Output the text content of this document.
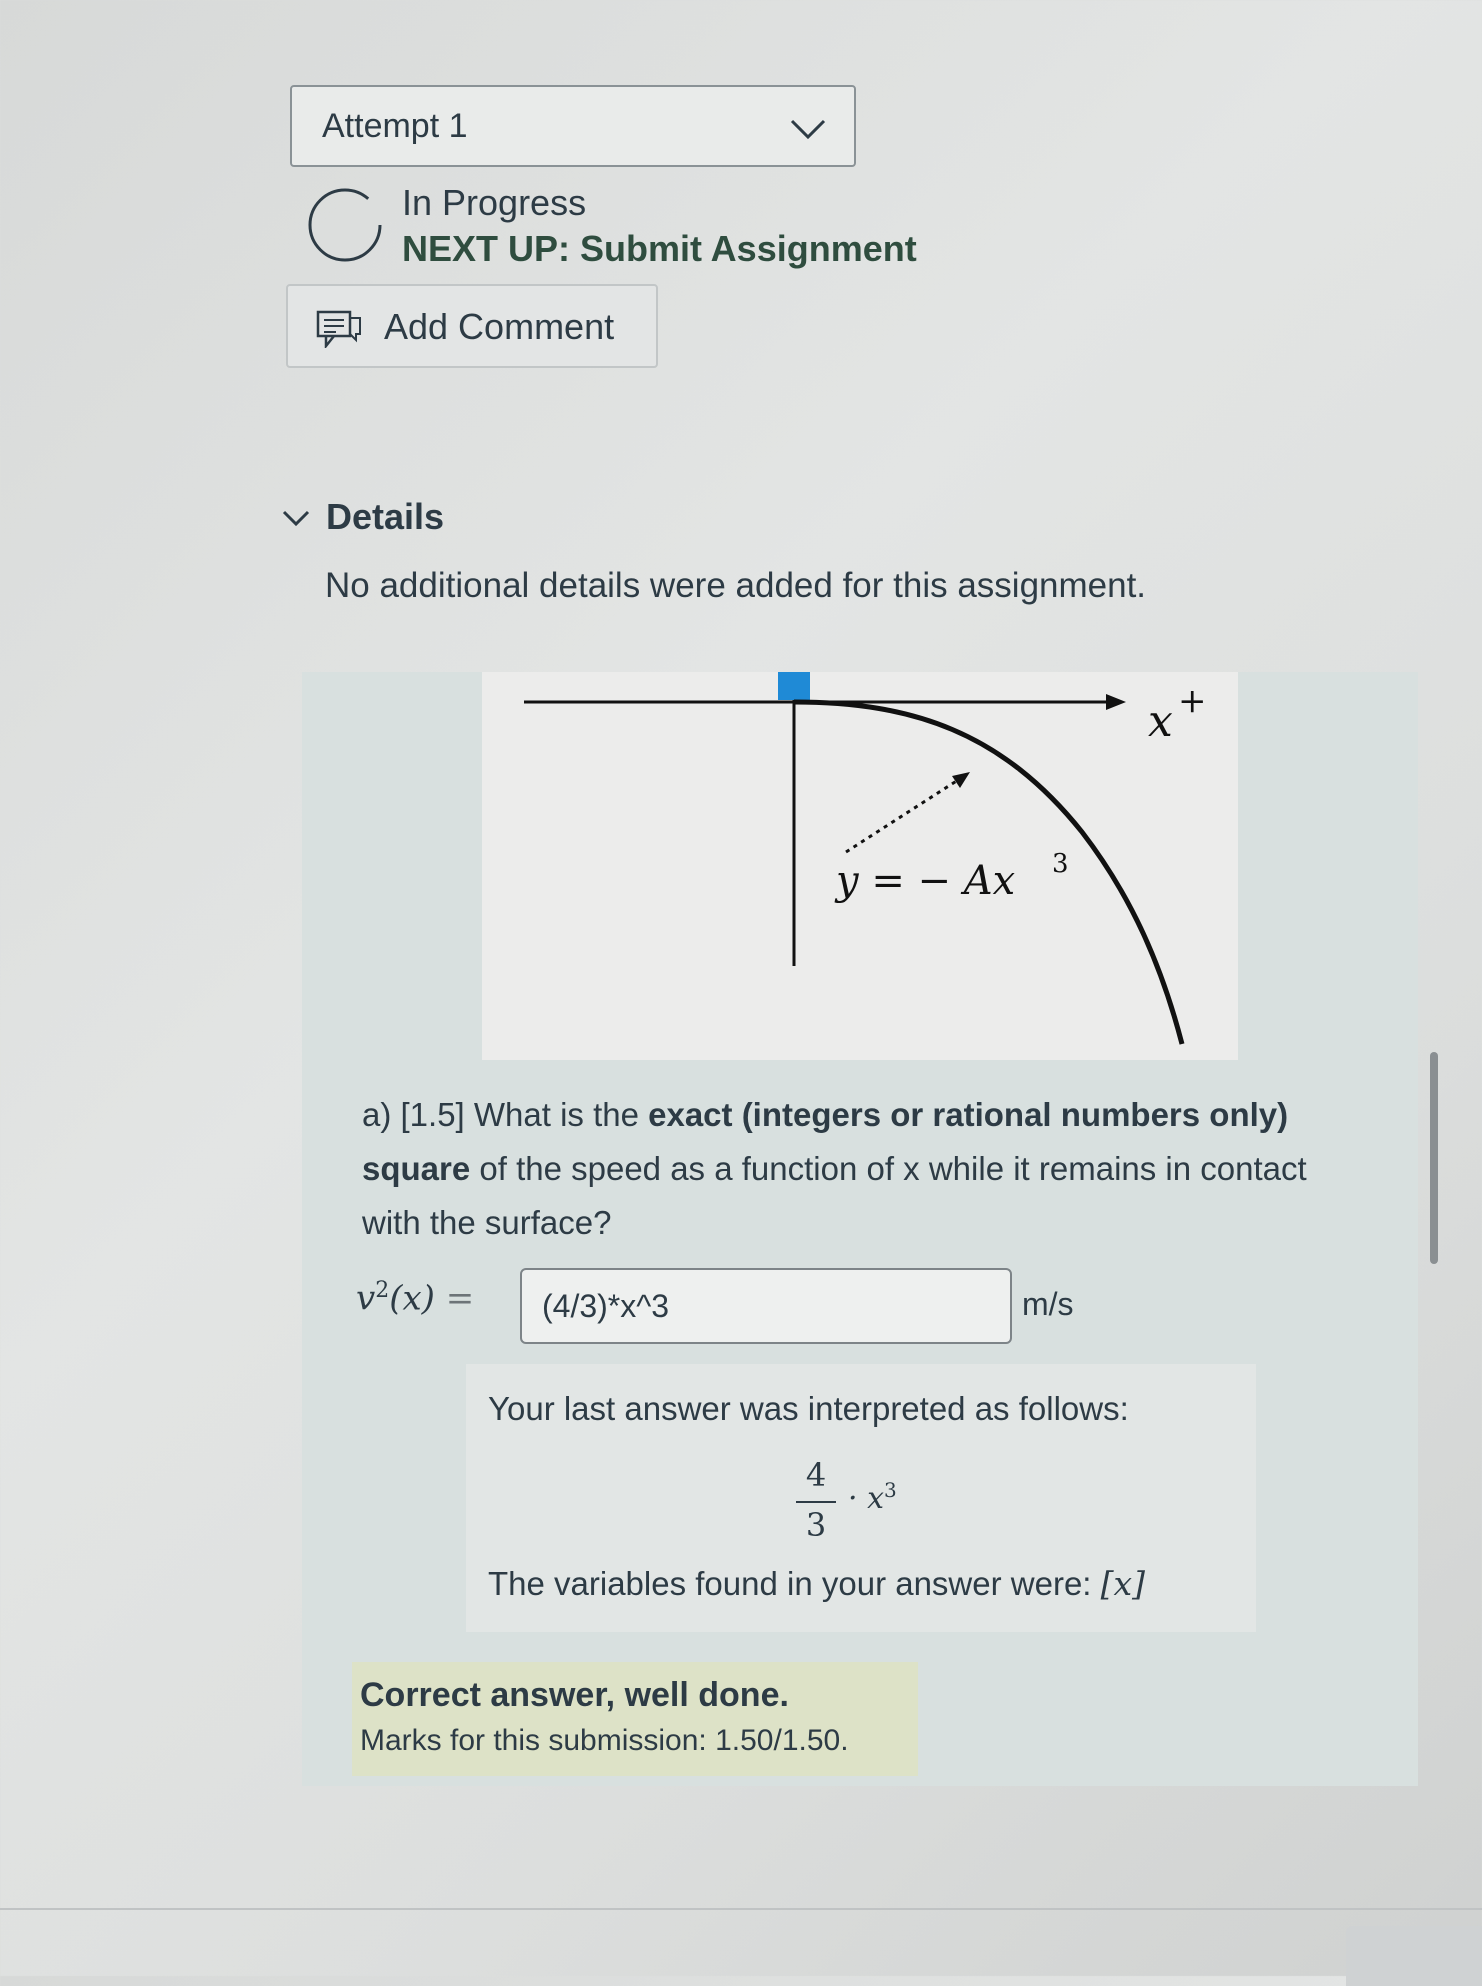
Attempt 1
In Progress
NEXT UP: Submit Assignment
Add Comment
Details
No additional details were added for this assignment.
x +
y = − Ax 3
a) [1.5] What is the exact (integers or rational numbers only) square of the speed as a function of x while it remains in contact with the surface?
$v^2(x)$ =	(4/3)*x^3	m/s
Your last answer was interpreted as follows:
4
3
· $x^3$
The variables found in your answer were: [x]
Correct answer, well done.
Marks for this submission: 1.50/1.50.
